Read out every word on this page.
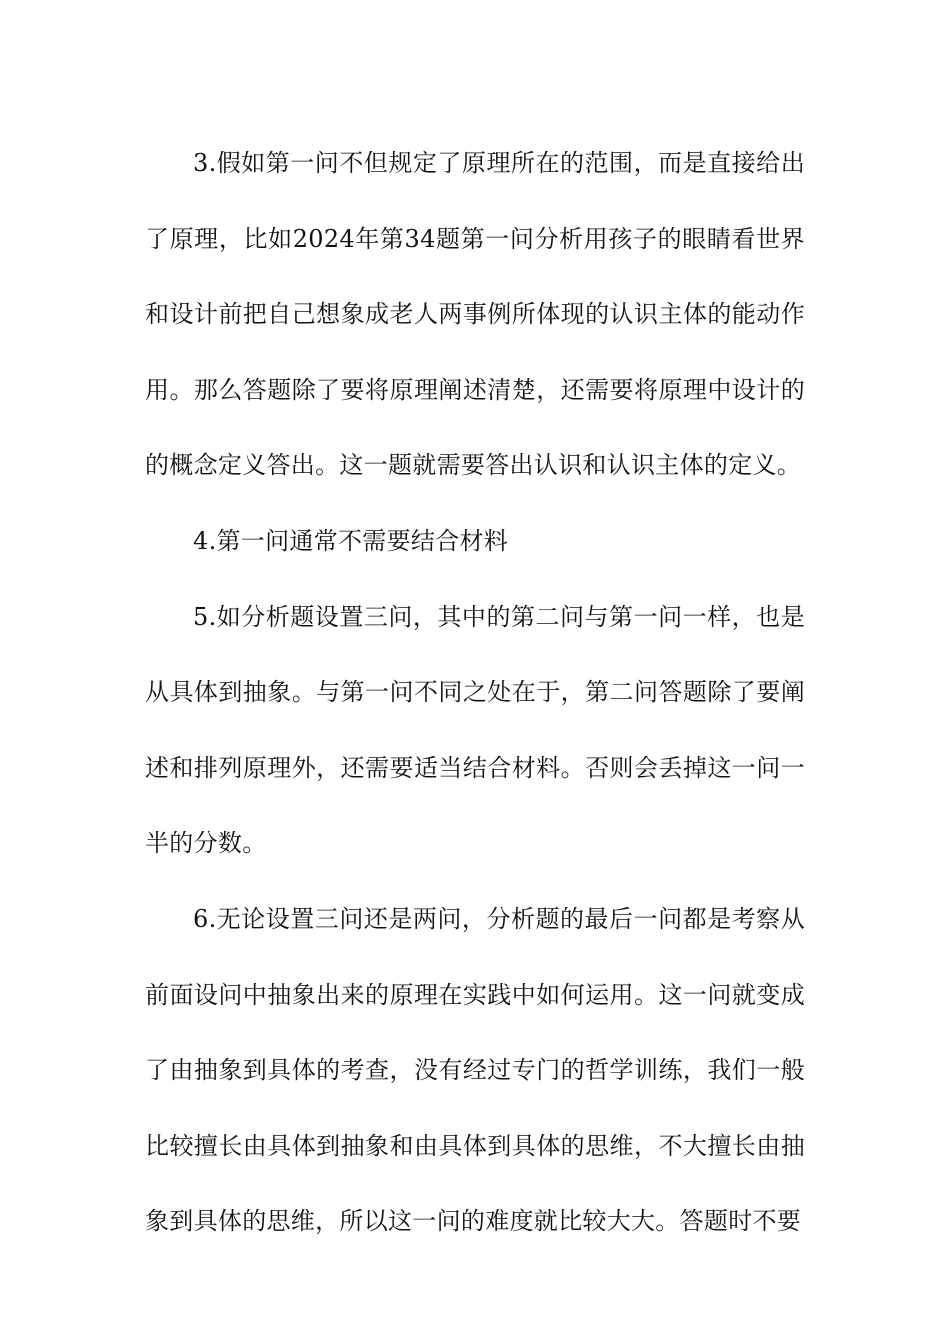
3.假如第一问不但规定了原理所在的范围，而是直接给出了原理，比如2024年第34题第一问分析用孩子的眼睛看世界和设计前把自己想象成老人两事例所体现的认识主体的能动作用。那么答题除了要将原理阐述清楚，还需要将原理中设计的的概念定义答出。这一题就需要答出认识和认识主体的定义。

4.第一问通常不需要结合材料

5.如分析题设置三问，其中的第二问与第一问一样，也是从具体到抽象。与第一问不同之处在于，第二问答题除了要阐述和排列原理外，还需要适当结合材料。否则会丢掉这一问一半的分数。

6.无论设置三问还是两问，分析题的最后一问都是考察从前面设问中抽象出来的原理在实践中如何运用。这一问就变成了由抽象到具体的考查，没有经过专门的哲学训练，我们一般比较擅长由具体到抽象和由具体到具体的思维，不大擅长由抽象到具体的思维，所以这一问的难度就比较大大。答题时不要
